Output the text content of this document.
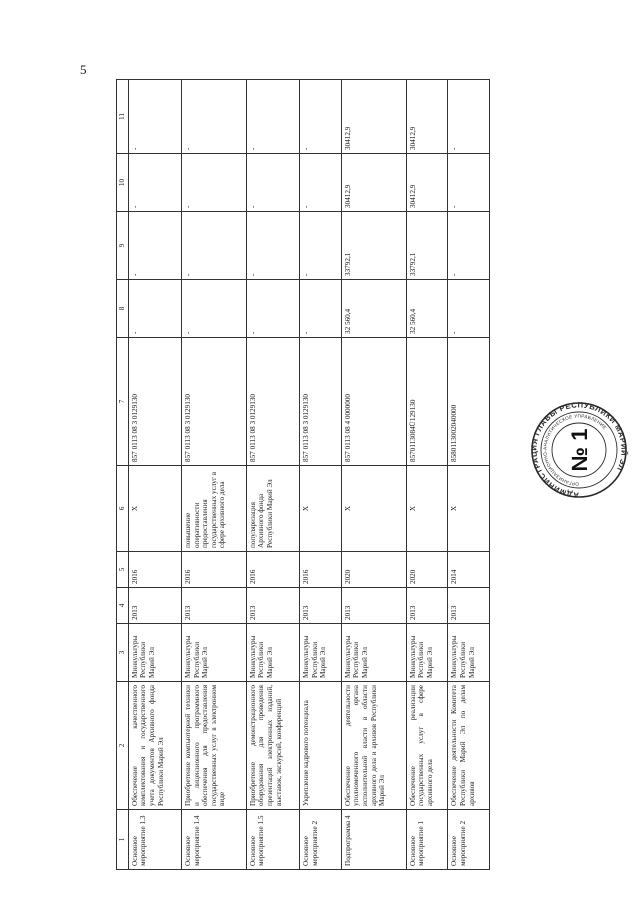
5
1	2	3	4	5	6	7	8	9	10	11
Основное мероприятие 1.3	Обеспечение качественного комплектования и государственного учета документов Архивного фонда Республики Марий Эл	Минкультуры Республики Марий Эл	2013	2016	X	857 0113 08 3 0129130	-	-	-	-
Основное мероприятие 1.4	Приобретение компьютерной техники и лицензионного программного обеспечения для предоставления государственных услуг в электронном виде	Минкультуры Республики Марий Эл	2013	2016	повышение оперативности предоставления государственных услуг в сфере архивного дела	857 0113 08 3 0129130	-	-	-	-
Основное мероприятие 1.5	Приобретение демонстрационного оборудования для проведения презентаций электронных изданий, выставок, экскурсий, конференций	Минкультуры Республики Марий Эл	2013	2016	популяризация Архивного фонда Республики Марий Эл	857 0113 08 3 0129130	-	-	-	-
Основное мероприятие 2	Укрепление кадрового потенциала	Минкультуры Республики Марий Эл	2013	2016	X	857 0113 08 3 0129130	-	-	-	-
Подпрограмма 4	Обеспечение деятельности уполномоченного органа исполнительной власти в области архивного дела и архивов Республики Марий Эл	Минкультуры Республики Марий Эл	2013	2020	X	857 0113 08 4 0000000	32 560,4	33792,1	30412,9	30412,9
Основное мероприятие 1	Обеспечение реализации государственных услуг в сфере архивного дела	Минкультуры Республики Марий Эл	2013	2020	X	8570113084Ü129130	32 560,4	33792,1	30412,9	30412,9
Основное мероприятие 2	Обеспечение деятельности Комитета Республики Марий Эл по делам архивов	Минкультуры Республики Марий Эл	2013	2014	X	8580113002040000	-	-	-	-
АДМИНИСТРАЦИЯ ГЛАВЫ РЕСПУБЛИКИ МАРИЙ ЭЛ
ОРГАНИЗАЦИОННО-АНАЛИТИЧЕСКОЕ УПРАВЛЕНИЕ
№ 1
